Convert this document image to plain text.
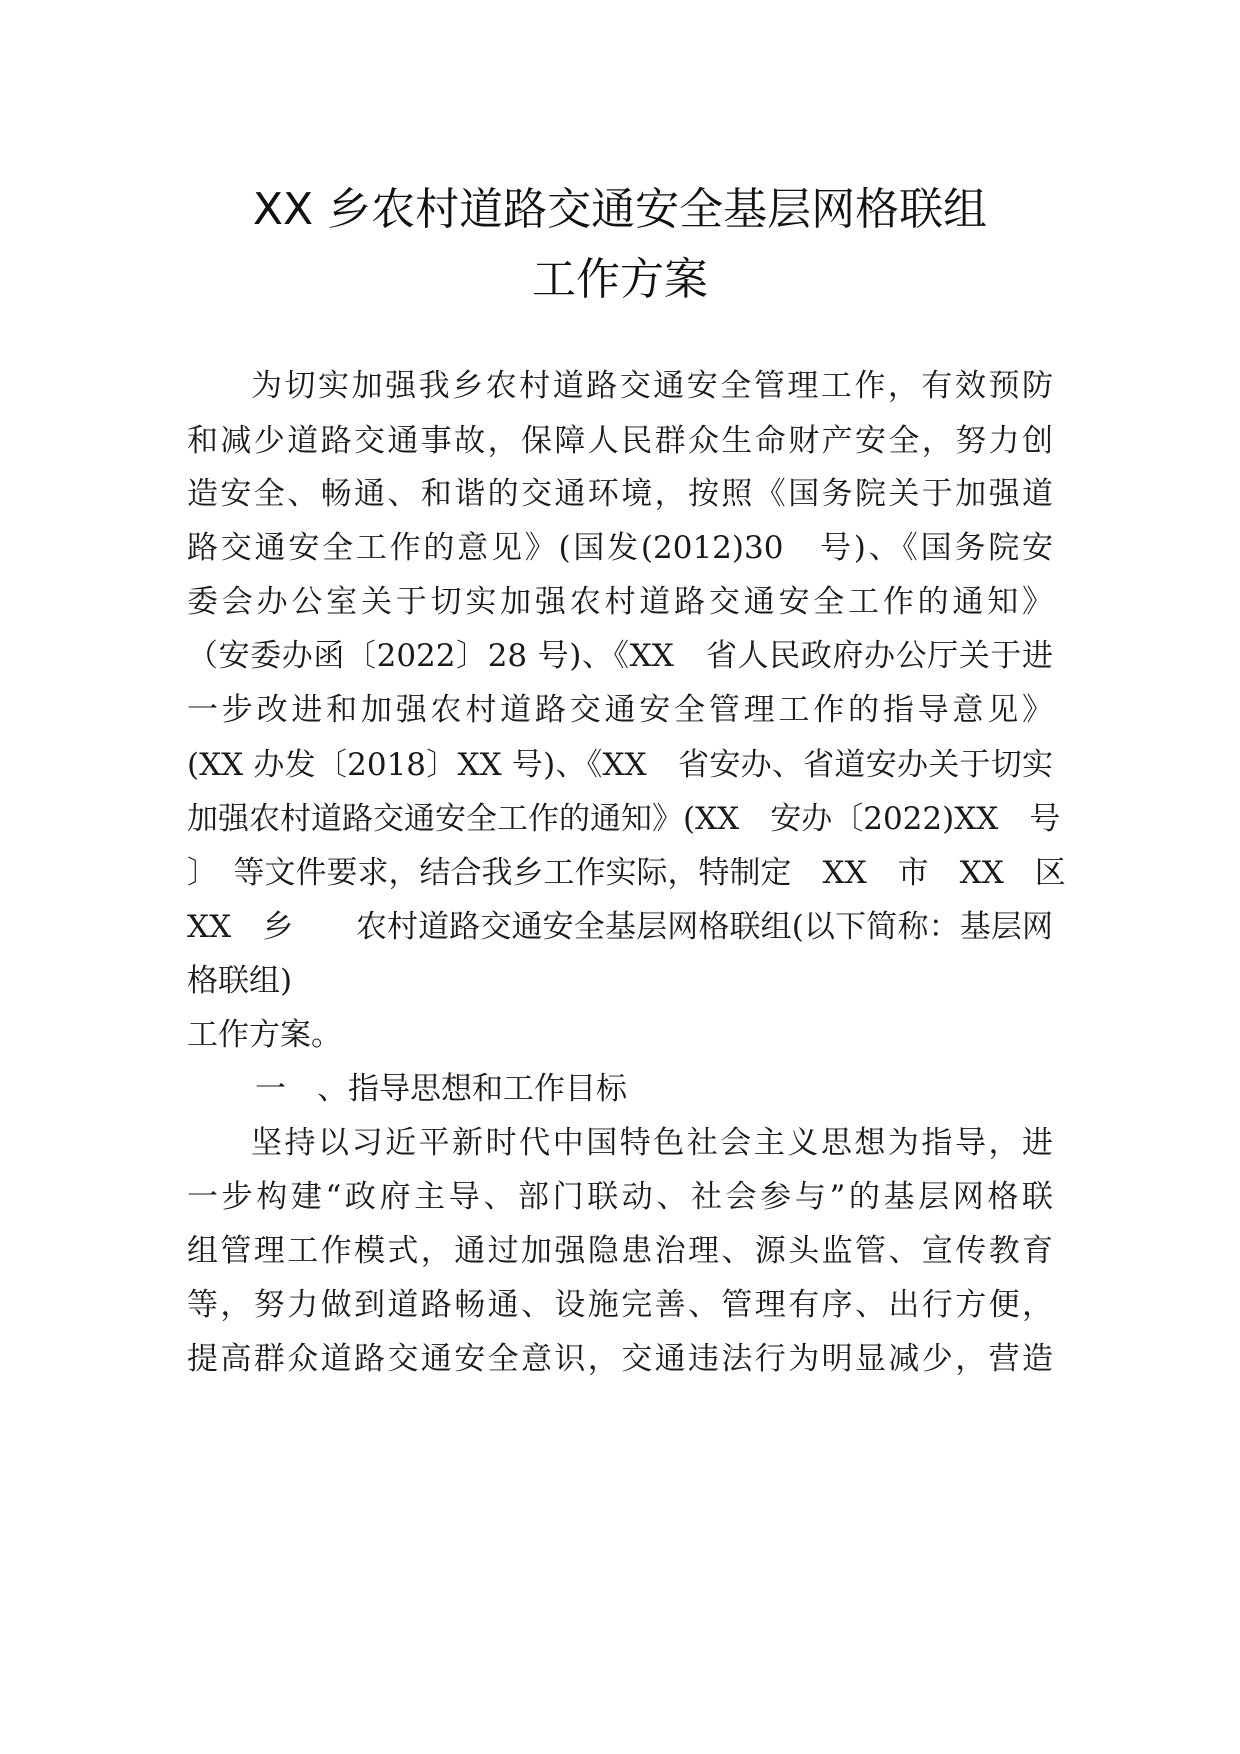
XX 乡农村道路交通安全基层网格联组
工作方案
为切实加强我乡农村道路交通安全管理工作，有效预防
和减少道路交通事故，保障人民群众生命财产安全，努力创
造安全、畅通、和谐的交通环境，按照《国务院关于加强道
路交通安全工作的意见》(国发(2012)30　号)、《国务院安
委会办公室关于切实加强农村道路交通安全工作的通知》
（安委办函〔2022〕28 号)、《XX　省人民政府办公厅关于进
一步改进和加强农村道路交通安全管理工作的指导意见》
(XX 办发〔2018〕XX 号)、《XX　省安办、省道安办关于切实
加强农村道路交通安全工作的通知》(XX　安办〔2022)XX　号
〕　等文件要求，结合我乡工作实际，特制定　XX　市　XX　区
XX　乡　　农村道路交通安全基层网格联组(以下简称：基层网
格联组)
工作方案。
一　、指导思想和工作目标
坚持以习近平新时代中国特色社会主义思想为指导，进
一步构建“政府主导、部门联动、社会参与”的基层网格联
组管理工作模式，通过加强隐患治理、源头监管、宣传教育
等，努力做到道路畅通、设施完善、管理有序、出行方便，
提高群众道路交通安全意识，交通违法行为明显减少，营造
